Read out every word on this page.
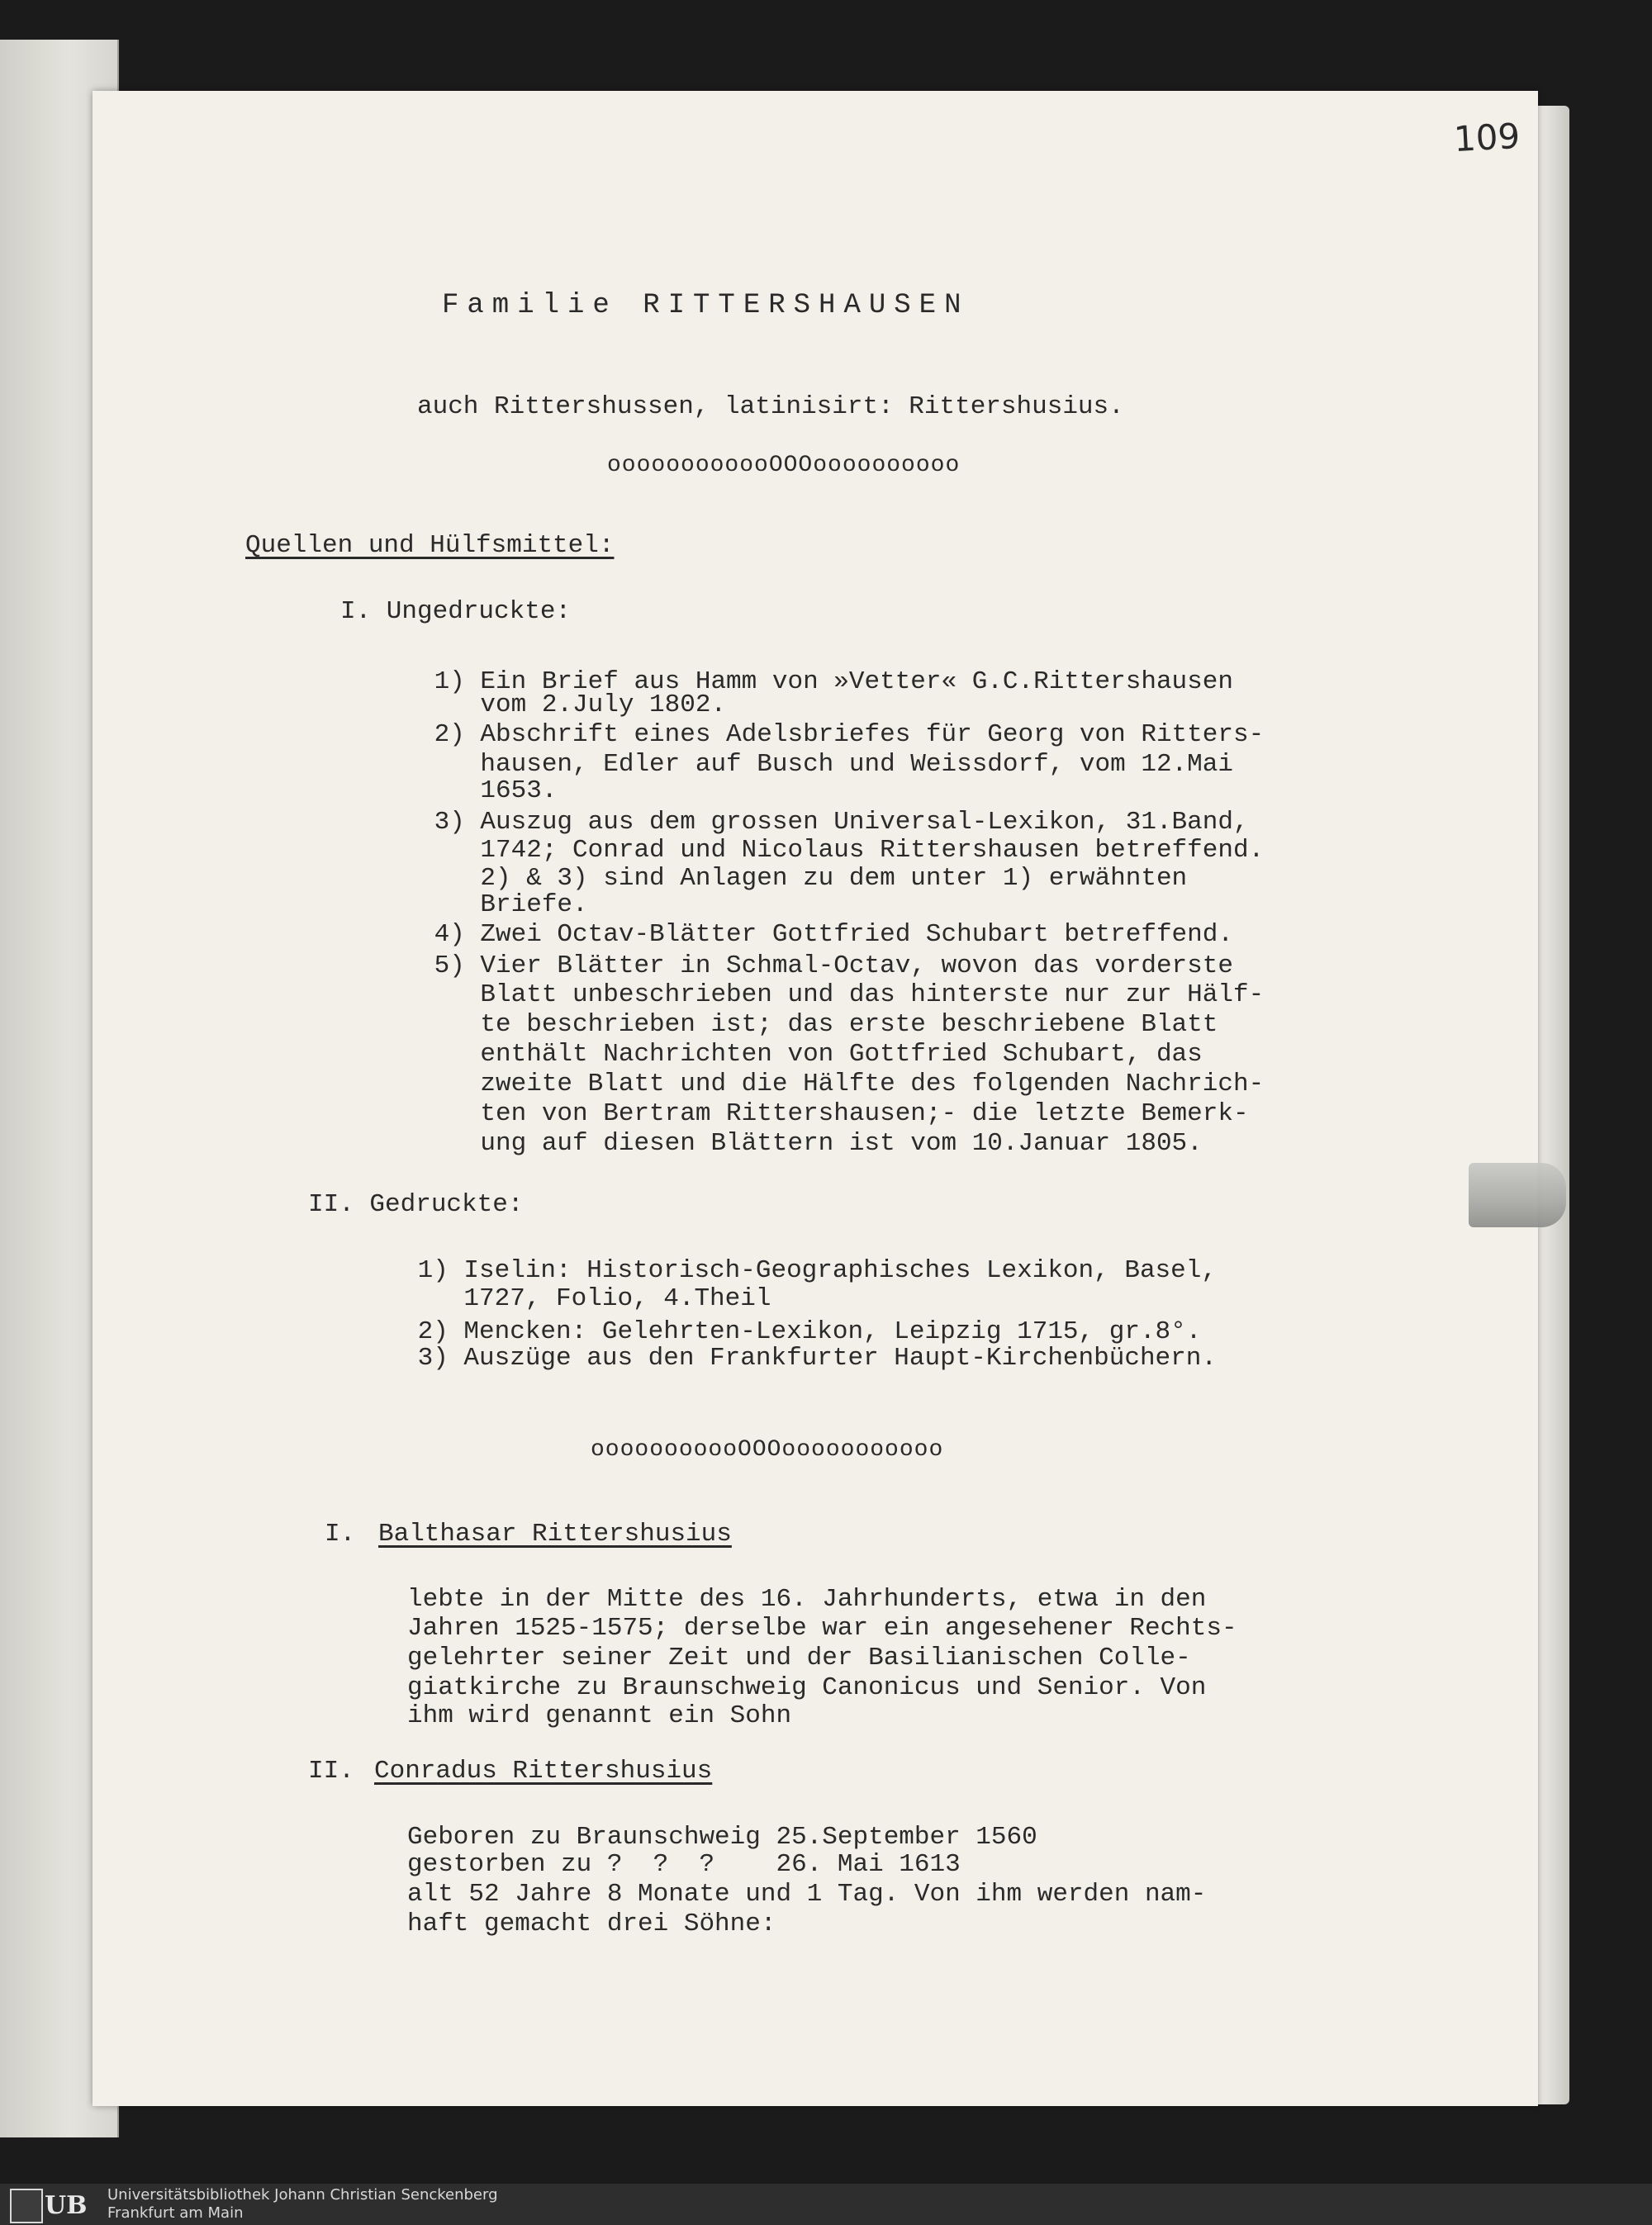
109
Familie RITTERSHAUSEN
auch Rittershussen, latinisirt: Rittershusius.
oooooooooooOOOoooooooooo
Quellen und Hülfsmittel:
I. Ungedruckte:
1) Ein Brief aus Hamm von »Vetter« G.C.Rittershausen
vom 2.July 1802.
2) Abschrift eines Adelsbriefes für Georg von Ritters-
hausen, Edler auf Busch und Weissdorf, vom 12.Mai
1653.
3) Auszug aus dem grossen Universal-Lexikon, 31.Band,
1742; Conrad und Nicolaus Rittershausen betreffend.
2) & 3) sind Anlagen zu dem unter 1) erwähnten
Briefe.
4) Zwei Octav-Blätter Gottfried Schubart betreffend.
5) Vier Blätter in Schmal-Octav, wovon das vorderste
Blatt unbeschrieben und das hinterste nur zur Hälf-
te beschrieben ist; das erste beschriebene Blatt
enthält Nachrichten von Gottfried Schubart, das
zweite Blatt und die Hälfte des folgenden Nachrich-
ten von Bertram Rittershausen;- die letzte Bemerk-
ung auf diesen Blättern ist vom 10.Januar 1805.
II. Gedruckte:
1) Iselin: Historisch-Geographisches Lexikon, Basel,
1727, Folio, 4.Theil
2) Mencken: Gelehrten-Lexikon, Leipzig 1715, gr.8°.
3) Auszüge aus den Frankfurter Haupt-Kirchenbüchern.
ooooooooooOOOooooooooooo
I. Balthasar Rittershusius
lebte in der Mitte des 16. Jahrhunderts, etwa in den
Jahren 1525-1575; derselbe war ein angesehener Rechts-
gelehrter seiner Zeit und der Basilianischen Colle-
giatkirche zu Braunschweig Canonicus und Senior. Von
ihm wird genannt ein Sohn
II. Conradus Rittershusius
Geboren zu Braunschweig 25.September 1560
gestorben zu ?  ?  ?    26. Mai 1613
alt 52 Jahre 8 Monate und 1 Tag. Von ihm werden nam-
haft gemacht drei Söhne:
UB Universitätsbibliothek Johann Christian Senckenberg
Frankfurt am Main
